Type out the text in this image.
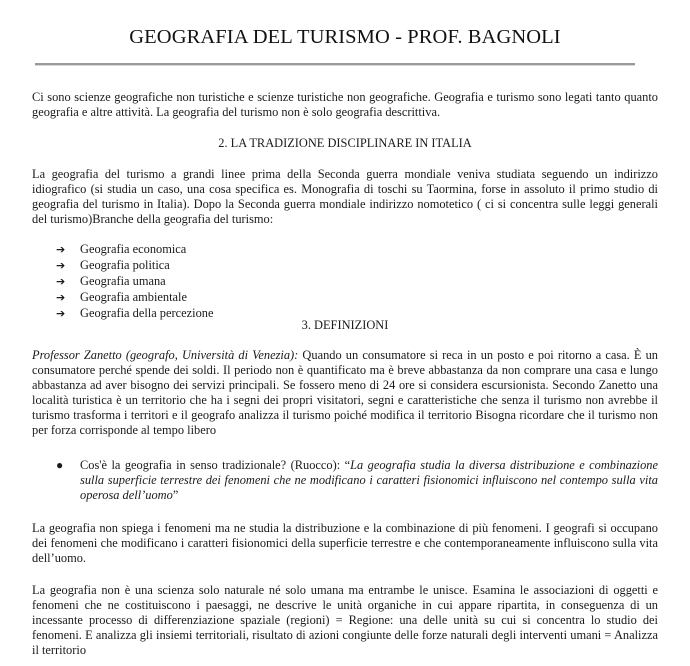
GEOGRAFIA DEL TURISMO - PROF. BAGNOLI

Ci sono scienze geografiche non turistiche e scienze turistiche non geografiche. Geografia e turismo sono legati tanto quanto geografia e altre attività. La geografia del turismo non è solo geografia descrittiva.

2. LA TRADIZIONE DISCIPLINARE IN ITALIA

La geografia del turismo a grandi linee prima della Seconda guerra mondiale veniva studiata seguendo un indirizzo idiografico (si studia un caso, una cosa specifica es. Monografia di toschi su Taormina, forse in assoluto il primo studio di geografia del turismo in Italia). Dopo la Seconda guerra mondiale indirizzo nomotetico ( ci si concentra sulle leggi generali del turismo)Branche della geografia del turismo:

➔	Geografia economica
➔	Geografia politica
➔	Geografia umana
➔	Geografia ambientale
➔	Geografia della percezione

3. DEFINIZIONI

Professor Zanetto (geografo, Università di Venezia): Quando un consumatore si reca in un posto e poi ritorno a casa. È un consumatore perché spende dei soldi. Il periodo non è quantificato ma è breve abbastanza da non comprare una casa e lungo abbastanza ad aver bisogno dei servizi principali. Se fossero meno di 24 ore si considera escursionista. Secondo Zanetto una località turistica è un territorio che ha i segni dei propri visitatori, segni e caratteristiche che senza il turismo non avrebbe il turismo trasforma i territori e il geografo analizza il turismo poiché modifica il territorio Bisogna ricordare che il turismo non per forza corrisponde al tempo libero

●	Cos'è la geografia in senso tradizionale? (Ruocco): “La geografia studia la diversa distribuzione e combinazione sulla superficie terrestre dei fenomeni che ne modificano i caratteri fisionomici influiscono nel contempo sulla vita operosa dell’uomo”

La geografia non spiega i fenomeni ma ne studia la distribuzione e la combinazione di più fenomeni. I geografi si occupano dei fenomeni che modificano i caratteri fisionomici della superficie terrestre e che contemporaneamente influiscono sulla vita dell’uomo.

La geografia non è una scienza solo naturale né solo umana ma entrambe le unisce. Esamina le associazioni di oggetti e fenomeni che ne costituiscono i paesaggi, ne descrive le unità organiche in cui appare ripartita, in conseguenza di un incessante processo di differenziazione spaziale (regioni) = Regione: una delle unità su cui si concentra lo studio dei fenomeni. E analizza gli insiemi territoriali, risultato di azioni congiunte delle forze naturali degli interventi umani = Analizza il territorio
